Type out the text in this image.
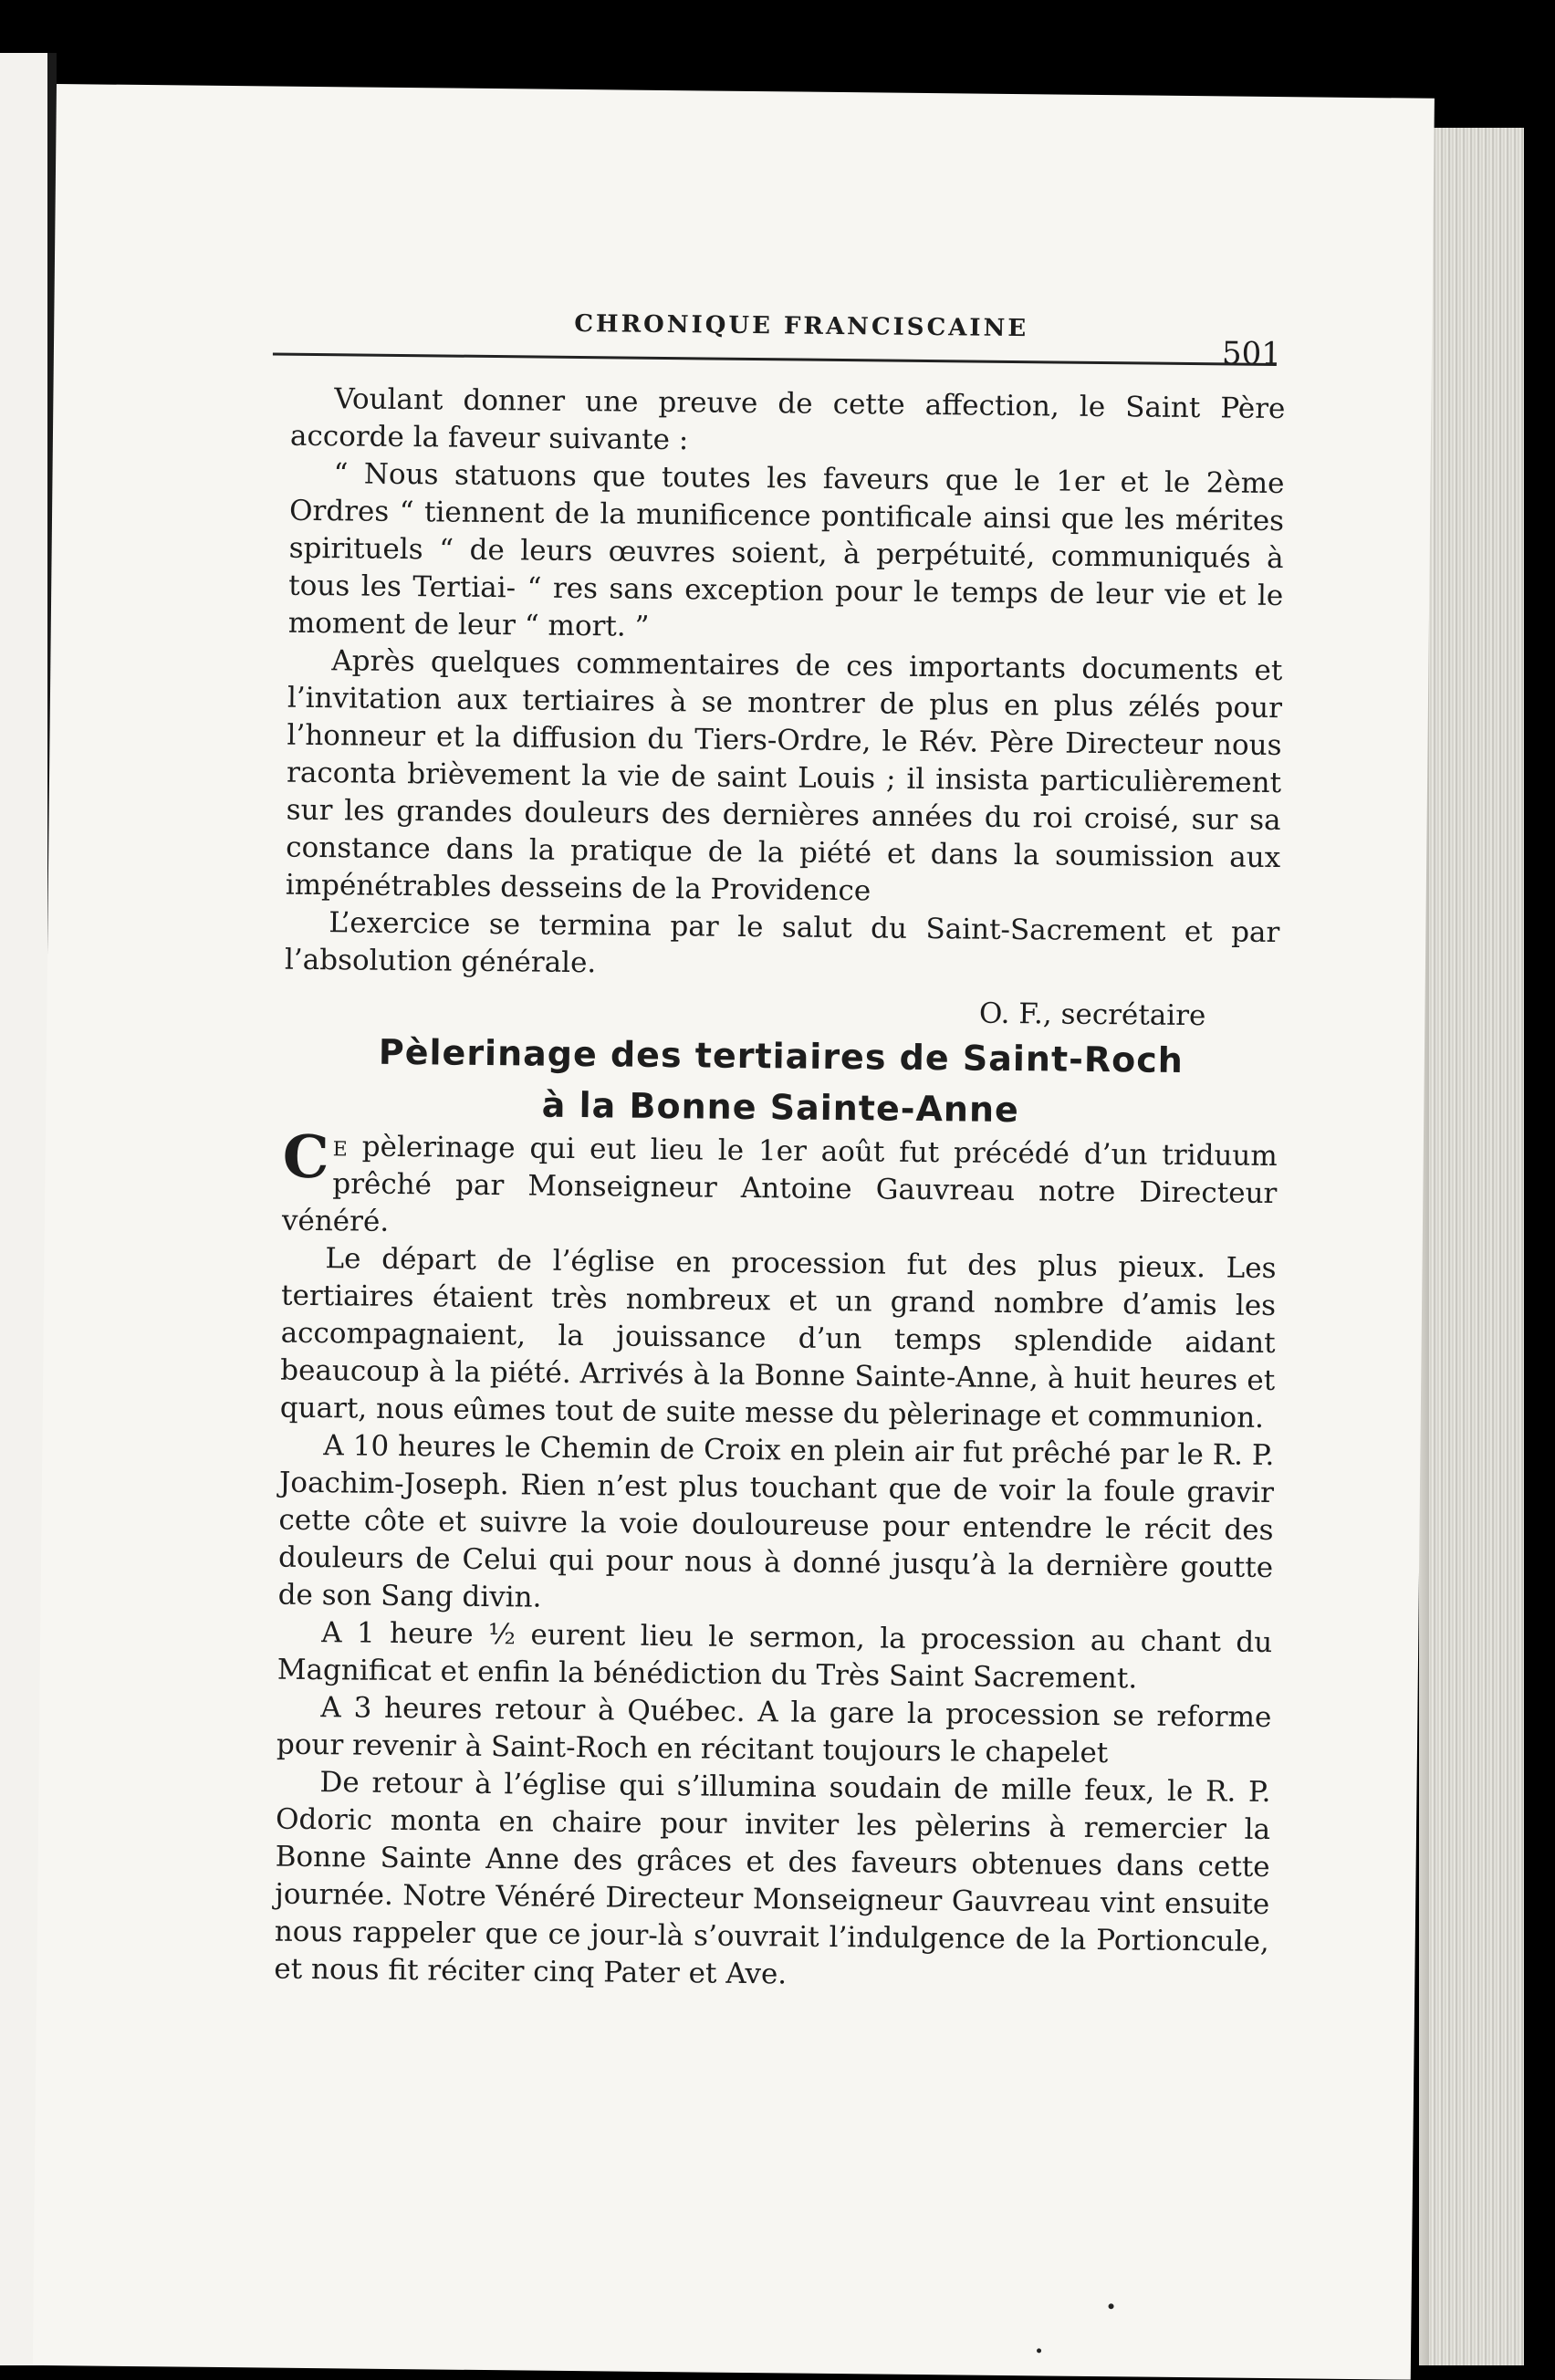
CHRONIQUE FRANCISCAINE
501

Voulant donner une preuve de cette affection, le Saint Père accorde la faveur suivante :

“ Nous statuons que toutes les faveurs que le 1er et le 2ème Ordres “ tiennent de la munificence pontificale ainsi que les mérites spirituels “ de leurs œuvres soient, à perpétuité, communiqués à tous les Tertiai- “ res sans exception pour le temps de leur vie et le moment de leur “ mort. ”

Après quelques commentaires de ces importants documents et l’invitation aux tertiaires à se montrer de plus en plus zélés pour l’honneur et la diffusion du Tiers-Ordre, le Rév. Père Directeur nous raconta brièvement la vie de saint Louis ; il insista particulièrement sur les grandes douleurs des dernières années du roi croisé, sur sa constance dans la pratique de la piété et dans la soumission aux impénétrables desseins de la Providence

L’exercice se termina par le salut du Saint-Sacrement et par l’absolution générale.

O. F., secrétaire

Pèlerinage des tertiaires de Saint-Roch

à la Bonne Sainte-Anne

Ce pèlerinage qui eut lieu le 1er août fut précédé d’un triduum prêché par Monseigneur Antoine Gauvreau notre Directeur vénéré.

Le départ de l’église en procession fut des plus pieux. Les tertiaires étaient très nombreux et un grand nombre d’amis les accompagnaient, la jouissance d’un temps splendide aidant beaucoup à la piété. Arrivés à la Bonne Sainte-Anne, à huit heures et quart, nous eûmes tout de suite messe du pèlerinage et communion.

A 10 heures le Chemin de Croix en plein air fut prêché par le R. P. Joachim-Joseph. Rien n’est plus touchant que de voir la foule gravir cette côte et suivre la voie douloureuse pour entendre le récit des douleurs de Celui qui pour nous à donné jusqu’à la dernière goutte de son Sang divin.

A 1 heure ½ eurent lieu le sermon, la procession au chant du Magnificat et enfin la bénédiction du Très Saint Sacrement.

A 3 heures retour à Québec. A la gare la procession se reforme pour revenir à Saint-Roch en récitant toujours le chapelet

De retour à l’église qui s’illumina soudain de mille feux, le R. P. Odoric monta en chaire pour inviter les pèlerins à remercier la Bonne Sainte Anne des grâces et des faveurs obtenues dans cette journée. Notre Vénéré Directeur Monseigneur Gauvreau vint ensuite nous rappeler que ce jour-là s’ouvrait l’indulgence de la Portioncule, et nous fit réciter cinq Pater et Ave.
